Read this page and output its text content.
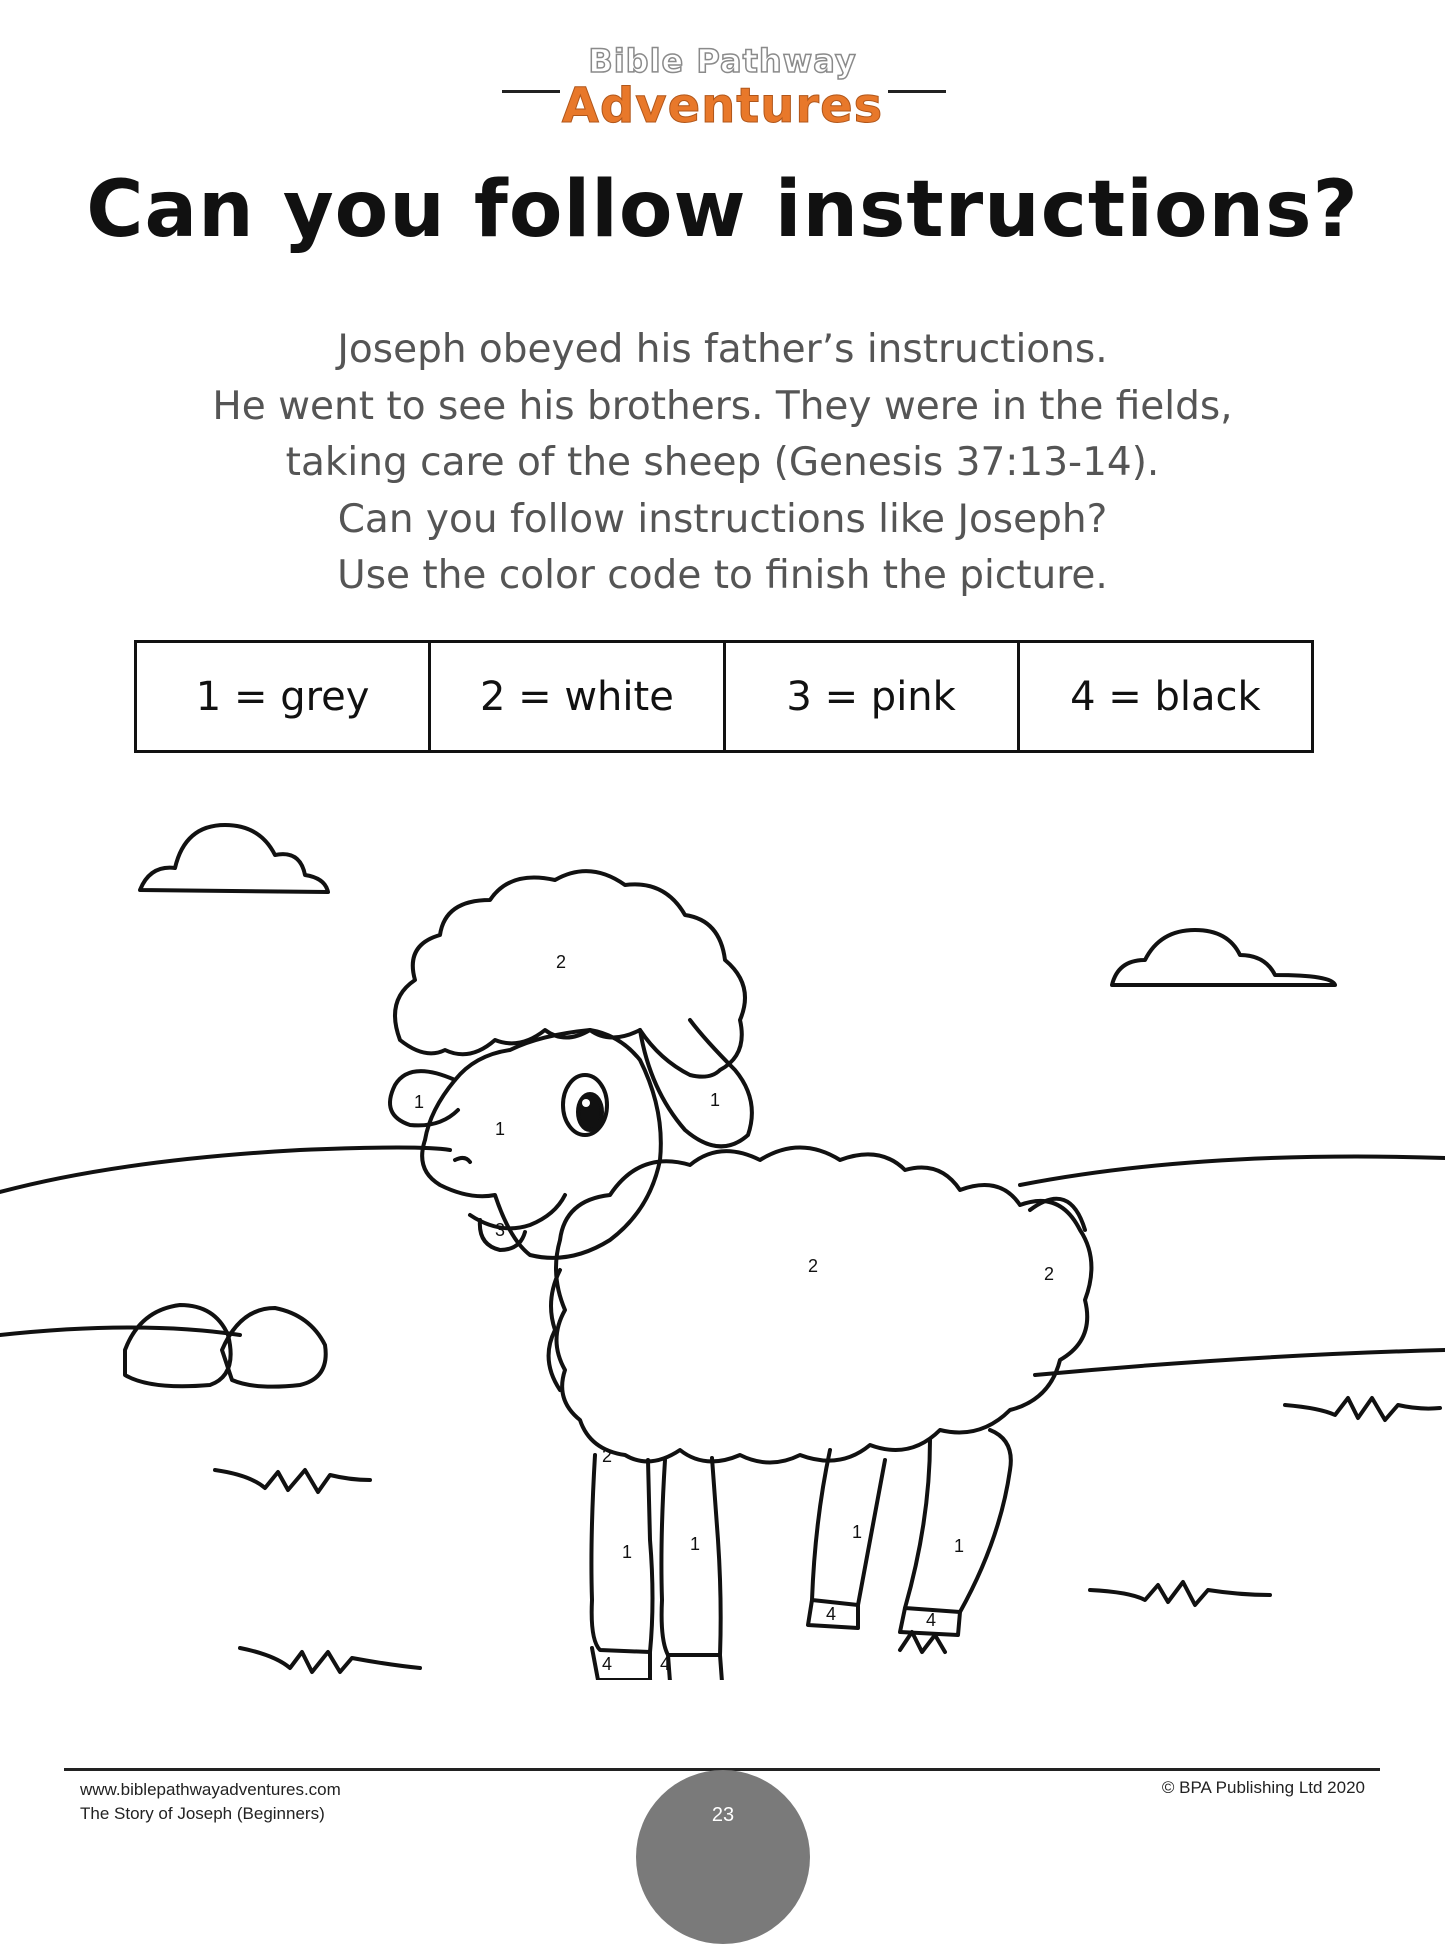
Bible Pathway
Adventures
Can you follow instructions?
Joseph obeyed his father’s instructions.
He went to see his brothers. They were in the fields,
taking care of the sheep (Genesis 37:13-14).
Can you follow instructions like Joseph?
Use the color code to finish the picture.
1 = grey	2 = white	3 = pink	4 = black
2
1
1
1
3
2	2
2
1	1
1
1
4	4
4	4
www.biblepathwayadventures.com
The Story of Joseph (Beginners)
© BPA Publishing Ltd 2020
23
